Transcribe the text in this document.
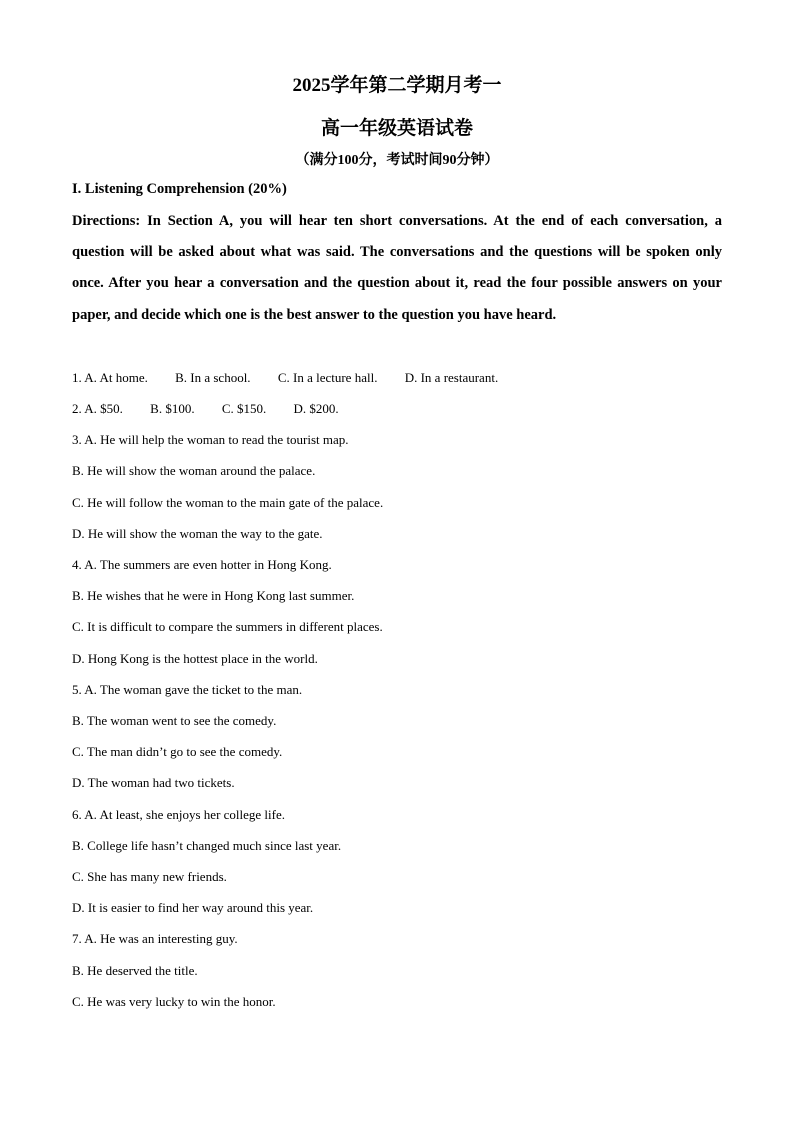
2025学年第二学期月考一
高一年级英语试卷
（满分100分，考试时间90分钟）
I. Listening Comprehension (20%)
Directions: In Section A, you will hear ten short conversations. At the end of each conversation, a question will be asked about what was said. The conversations and the questions will be spoken only once. After you hear a conversation and the question about it, read the four possible answers on your paper, and decide which one is the best answer to the question you have heard.
1. A. At home. B. In a school. C. In a lecture hall. D. In a restaurant.
2. A. $50. B. $100. C. $150. D. $200.
3. A. He will help the woman to read the tourist map.
B. He will show the woman around the palace.
C. He will follow the woman to the main gate of the palace.
D. He will show the woman the way to the gate.
4. A. The summers are even hotter in Hong Kong.
B. He wishes that he were in Hong Kong last summer.
C. It is difficult to compare the summers in different places.
D. Hong Kong is the hottest place in the world.
5. A. The woman gave the ticket to the man.
B. The woman went to see the comedy.
C. The man didn’t go to see the comedy.
D. The woman had two tickets.
6. A. At least, she enjoys her college life.
B. College life hasn’t changed much since last year.
C. She has many new friends.
D. It is easier to find her way around this year.
7. A. He was an interesting guy.
B. He deserved the title.
C. He was very lucky to win the honor.
